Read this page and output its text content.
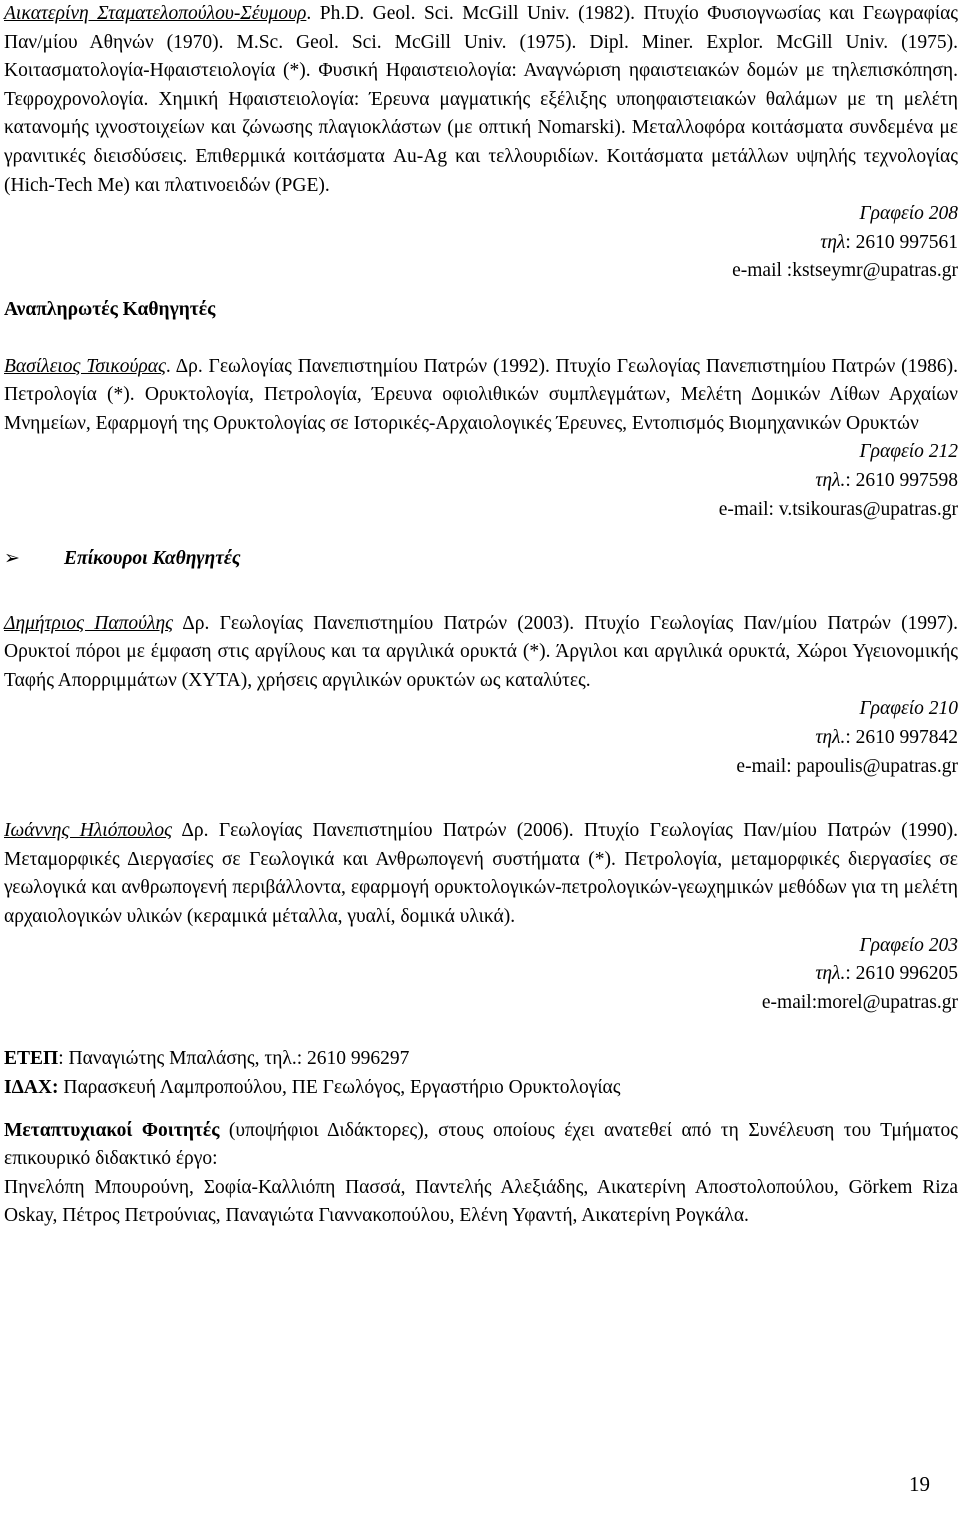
Αικατερίνη Σταματελοπούλου-Σέυμουρ. Ph.D. Geol. Sci. McGill Univ. (1982). Πτυχίο Φυσιογνωσίας και Γεωγραφίας Παν/μίου Αθηνών (1970). M.Sc. Geol. Sci. McGill Univ. (1975). Dipl. Miner. Explor. McGill Univ. (1975). Κοιτασματολογία-Ηφαιστειολογία (*). Φυσική Ηφαιστειολογία: Αναγνώριση ηφαιστειακών δομών με τηλεπισκόπηση. Τεφροχρονολογία. Χημική Ηφαιστειολογία: Έρευνα μαγματικής εξέλιξης υποηφαιστειακών θαλάμων με τη μελέτη κατανομής ιχνοστοιχείων και ζώνωσης πλαγιοκλάστων (με οπτική Nomarski). Μεταλλοφόρα κοιτάσματα συνδεμένα με γρανιτικές διεισδύσεις. Επιθερμικά κοιτάσματα Au-Ag και τελλουριδίων. Κοιτάσματα μετάλλων υψηλής τεχνολογίας (Hich-Tech Me) και πλατινοειδών (PGE).

Γραφείο 208

τηλ: 2610 997561

e-mail :kstseymr@upatras.gr

Αναπληρωτές Καθηγητές

Βασίλειος Τσικούρας. Δρ. Γεωλογίας Πανεπιστημίου Πατρών (1992). Πτυχίο Γεωλογίας Πανεπιστημίου Πατρών (1986). Πετρολογία (*). Ορυκτολογία, Πετρολογία, Έρευνα οφιολιθικών συμπλεγμάτων, Μελέτη Δομικών Λίθων Αρχαίων Μνημείων, Εφαρμογή της Ορυκτολογίας σε Ιστορικές-Αρχαιολογικές Έρευνες, Εντοπισμός Βιομηχανικών Ορυκτών

Γραφείο 212

τηλ.: 2610 997598

e-mail: v.tsikouras@upatras.gr

➢	Επίκουροι Καθηγητές

Δημήτριος Παπούλης Δρ. Γεωλογίας Πανεπιστημίου Πατρών (2003). Πτυχίο Γεωλογίας Παν/μίου Πατρών (1997). Ορυκτοί πόροι με έμφαση στις αργίλους και τα αργιλικά ορυκτά (*). Άργιλοι και αργιλικά ορυκτά, Χώροι Υγειονομικής Ταφής Απορριμμάτων (ΧΥΤΑ), χρήσεις αργιλικών ορυκτών ως καταλύτες.

Γραφείο 210

τηλ.: 2610 997842

e-mail: papoulis@upatras.gr

Ιωάννης Ηλιόπουλος Δρ. Γεωλογίας Πανεπιστημίου Πατρών (2006). Πτυχίο Γεωλογίας Παν/μίου Πατρών (1990). Μεταμορφικές Διεργασίες σε Γεωλογικά και Ανθρωπογενή συστήματα (*). Πετρολογία, μεταμορφικές διεργασίες σε γεωλογικά και ανθρωπογενή περιβάλλοντα, εφαρμογή ορυκτολογικών-πετρολογικών-γεωχημικών μεθόδων για τη μελέτη αρχαιολογικών υλικών (κεραμικά μέταλλα, γυαλί, δομικά υλικά).

Γραφείο 203

τηλ.: 2610 996205

e-mail:morel@upatras.gr

ΕΤΕΠ: Παναγιώτης Μπαλάσης, τηλ.: 2610 996297

ΙΔΑΧ: Παρασκευή Λαμπροπούλου, ΠΕ Γεωλόγος, Εργαστήριο Ορυκτολογίας

Μεταπτυχιακοί Φοιτητές (υποψήφιοι Διδάκτορες), στους οποίους έχει ανατεθεί από τη Συνέλευση του Τμήματος επικουρικό διδακτικό έργο:

Πηνελόπη Μπουρούνη, Σοφία-Καλλιόπη Πασσά, Παντελής Αλεξιάδης, Αικατερίνη Αποστολοπούλου, Görkem Riza Oskay, Πέτρος Πετρούνιας, Παναγιώτα Γιαννακοπούλου, Ελένη Υφαντή, Αικατερίνη Ρογκάλα.

19
